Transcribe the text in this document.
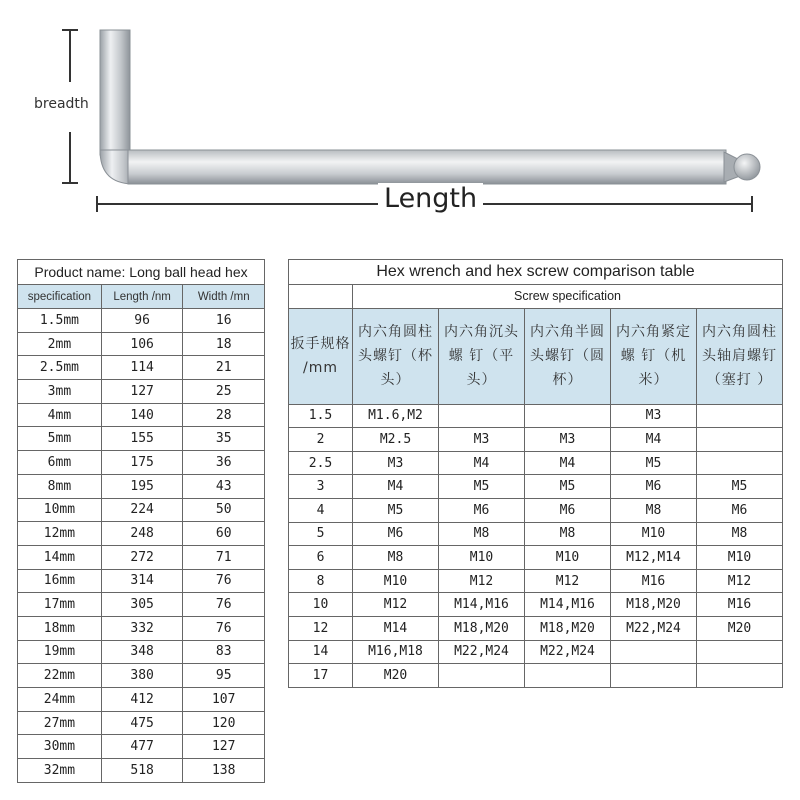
breadth
Length
Product name: Long ball head hex		
specification	Length /nm	Width /mn
1.5mm	96	16
2mm	106	18
2.5mm	114	21
3mm	127	25
4mm	140	28
5mm	155	35
6mm	175	36
8mm	195	43
10mm	224	50
12mm	248	60
14mm	272	71
16mm	314	76
17mm	305	76
18mm	332	76
19mm	348	83
22mm	380	95
24mm	412	107
27mm	475	120
30mm	477	127
32mm	518	138
Hex wrench and hex screw comparison table					
	Screw specification				
扳手规格 /mm	内六角圆柱头螺钉（杯头）	内六角沉头 螺 钉（平头）	内六角半圆头螺钉（圆杯）	内六角紧定 螺 钉（机米）	内六角圆柱头轴肩螺钉（塞打 ）
1.5	M1.6,M2			M3	
2	M2.5	M3	M3	M4	
2.5	M3	M4	M4	M5	
3	M4	M5	M5	M6	M5
4	M5	M6	M6	M8	M6
5	M6	M8	M8	M10	M8
6	M8	M10	M10	M12,M14	M10
8	M10	M12	M12	M16	M12
10	M12	M14,M16	M14,M16	M18,M20	M16
12	M14	M18,M20	M18,M20	M22,M24	M20
14	M16,M18	M22,M24	M22,M24		
17	M20				
